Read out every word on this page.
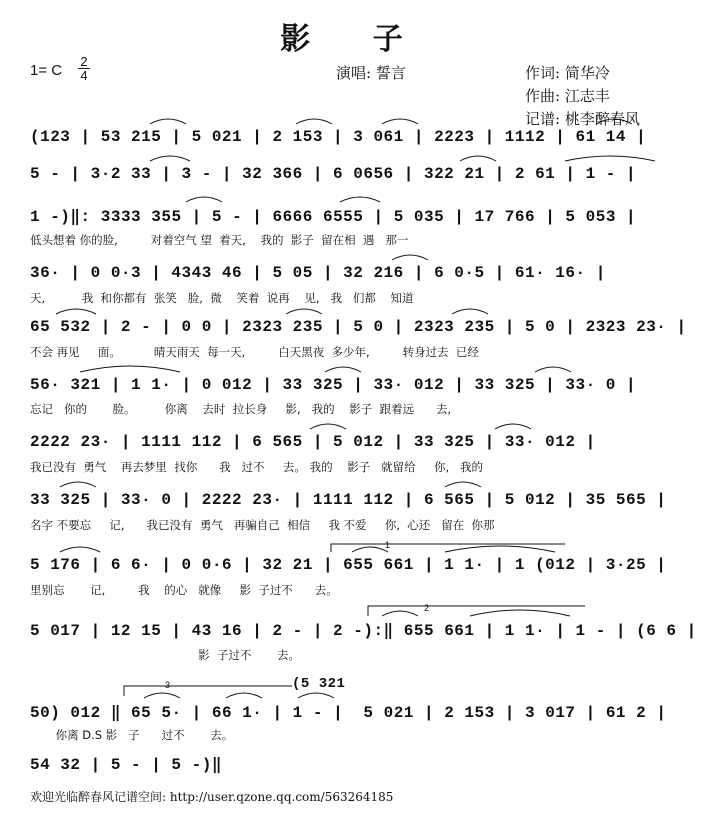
影 子
1= C $\frac{2}{4}$	演唱: 誓言	作词: 简华冷
作曲: 江志丰
记谱: 桃李醉春风
(123 | 53 215 | 5 021 | 2 153 | 3 061 | 2223 | 1112 | 61 14 |
5 - | 3·2 33 | 3 - | 32 366 | 6 0656 | 322 21 | 2 61 | 1 - |
1 -)‖: 3333 355 | 5 - | 6666 6555 | 5 035 | 17 766 | 5 053 |
低头想着 你的脸,         对着空气 望  着天,    我的  影子  留在相  遇   那一
36· | 0 0·3 | 4343 46 | 5 05 | 32 216 | 6 0·5 | 61· 16· |
天,          我  和你都有  张笑   脸,  微    笑着  说再    见,   我   们都    知道
65 532 | 2 - | 0 0 | 2323 235 | 5 0 | 2323 235 | 5 0 | 2323 23· |
不会 再见     面。         晴天雨天  每一天,         白天黑夜  多少年,         转身过去  已经
56· 321 | 1 1· | 0 012 | 33 325 | 33· 012 | 33 325 | 33· 0 |
忘记   你的       脸。        你离    去时  拉长身     影,   我的    影子  跟着远      去,
2222 23· | 1111 112 | 6 565 | 5 012 | 33 325 | 33· 012 |
我已没有  勇气    再去梦里  找你      我   过不     去。 我的    影子   就留给     你,   我的
33 325 | 33· 0 | 2222 23· | 1111 112 | 6 565 | 5 012 | 35 565 |
名字 不要忘     记,      我已没有  勇气   再骗自己  相信     我 不爱     你,  心还   留在  你那
1
5 176 | 6 6· | 0 0·6 | 32 21 | 655 661 | 1 1· | 1 (012 | 3·25 |
里别忘       记,         我    的心   就像     影  子过不      去。
2
5 017 | 12 15 | 43 16 | 2 - | 2 -):‖ 655 661 | 1 1· | 1 - | (6 6 |
影  子过不       去。
3	(5 321
50) 012 ‖ 65 5· | 66 1· | 1 - |  5 021 | 2 153 | 3 017 | 61 2 |
你离 D.S 影   子      过不       去。
54 32 | 5 - | 5 -)‖
欢迎光临醉春风记谱空间: http://user.qzone.qq.com/563264185
